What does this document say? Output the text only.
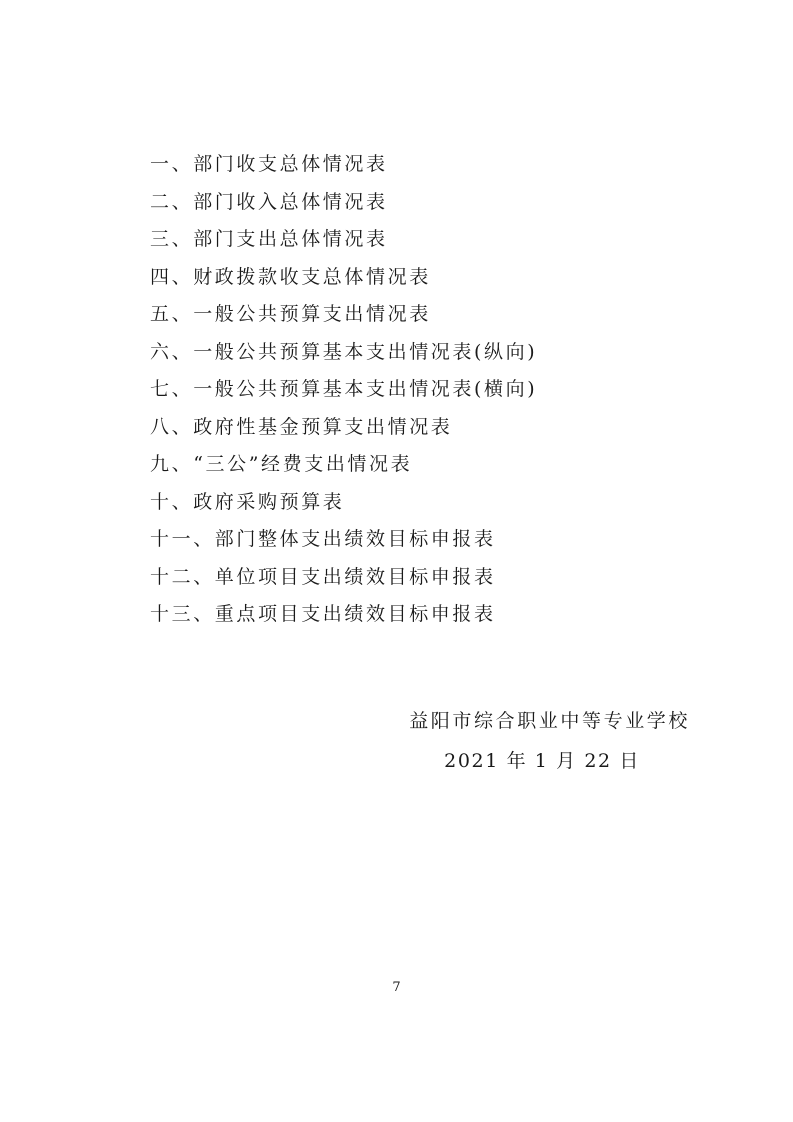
一、部门收支总体情况表
二、部门收入总体情况表
三、部门支出总体情况表
四、财政拨款收支总体情况表
五、一般公共预算支出情况表
六、一般公共预算基本支出情况表(纵向)
七、一般公共预算基本支出情况表(横向)
八、政府性基金预算支出情况表
九、“三公”经费支出情况表
十、政府采购预算表
十一、部门整体支出绩效目标申报表
十二、单位项目支出绩效目标申报表
十三、重点项目支出绩效目标申报表
益阳市综合职业中等专业学校
2021 年 1 月 22 日
7
